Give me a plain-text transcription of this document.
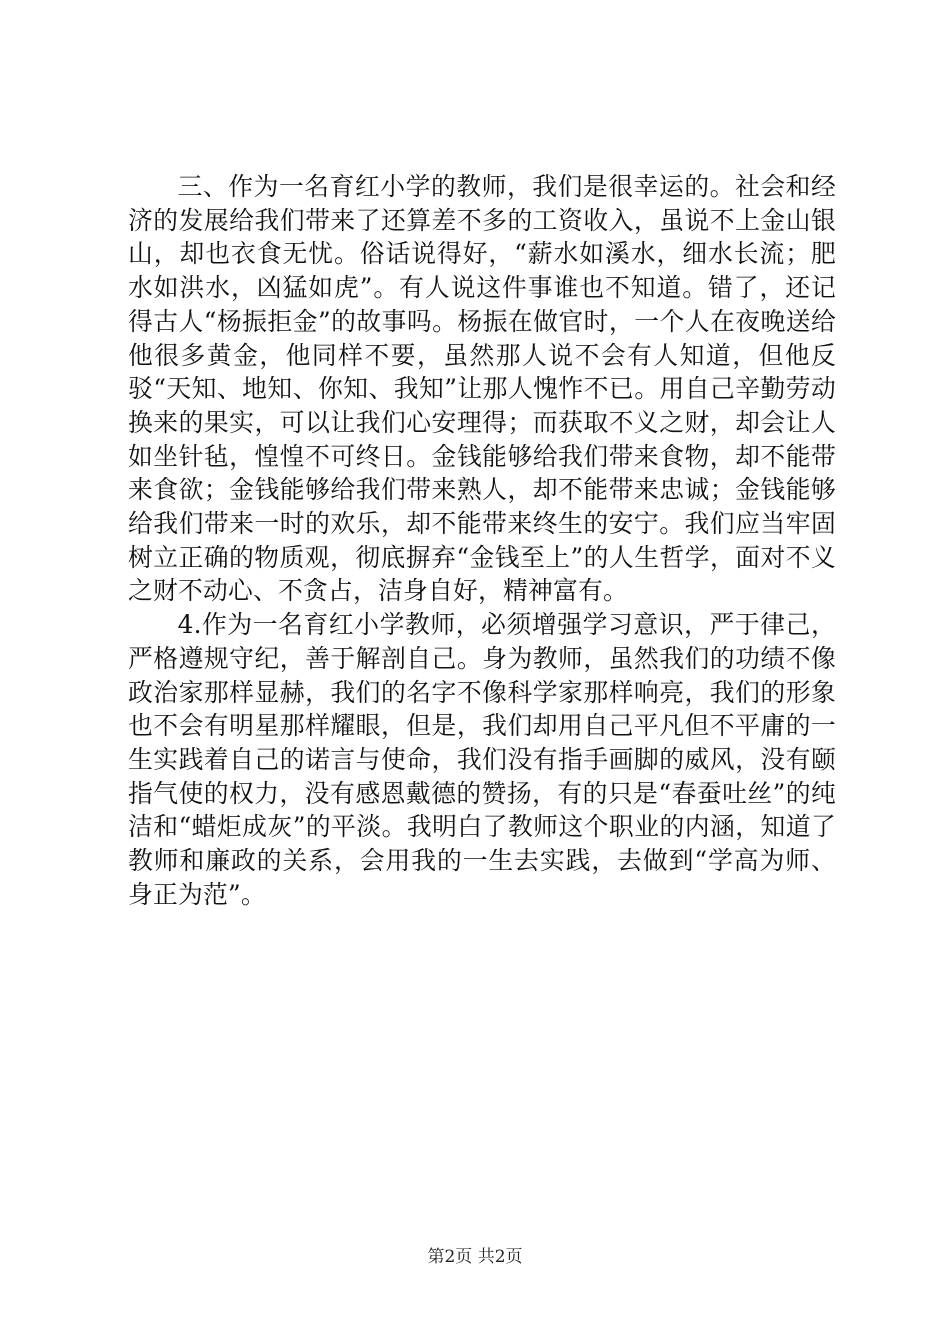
三、作为一名育红小学的教师，我们是很幸运的。社会和经济的发展给我们带来了还算差不多的工资收入，虽说不上金山银山，却也衣食无忧。俗话说得好，“薪水如溪水，细水长流；肥水如洪水，凶猛如虎”。有人说这件事谁也不知道。错了，还记得古人“杨振拒金”的故事吗。杨振在做官时，一个人在夜晚送给他很多黄金，他同样不要，虽然那人说不会有人知道，但他反驳“天知、地知、你知、我知”让那人愧怍不已。用自己辛勤劳动换来的果实，可以让我们心安理得；而获取不义之财，却会让人如坐针毡，惶惶不可终日。金钱能够给我们带来食物，却不能带来食欲；金钱能够给我们带来熟人，却不能带来忠诚；金钱能够给我们带来一时的欢乐，却不能带来终生的安宁。我们应当牢固树立正确的物质观，彻底摒弃“金钱至上”的人生哲学，面对不义之财不动心、不贪占，洁身自好，精神富有。

4.作为一名育红小学教师，必须增强学习意识，严于律己，严格遵规守纪，善于解剖自己。身为教师，虽然我们的功绩不像政治家那样显赫，我们的名字不像科学家那样响亮，我们的形象也不会有明星那样耀眼，但是，我们却用自己平凡但不平庸的一生实践着自己的诺言与使命，我们没有指手画脚的威风，没有颐指气使的权力，没有感恩戴德的赞扬，有的只是“春蚕吐丝”的纯洁和“蜡炬成灰”的平淡。我明白了教师这个职业的内涵，知道了教师和廉政的关系，会用我的一生去实践，去做到“学高为师、身正为范”。

第2页 共2页
